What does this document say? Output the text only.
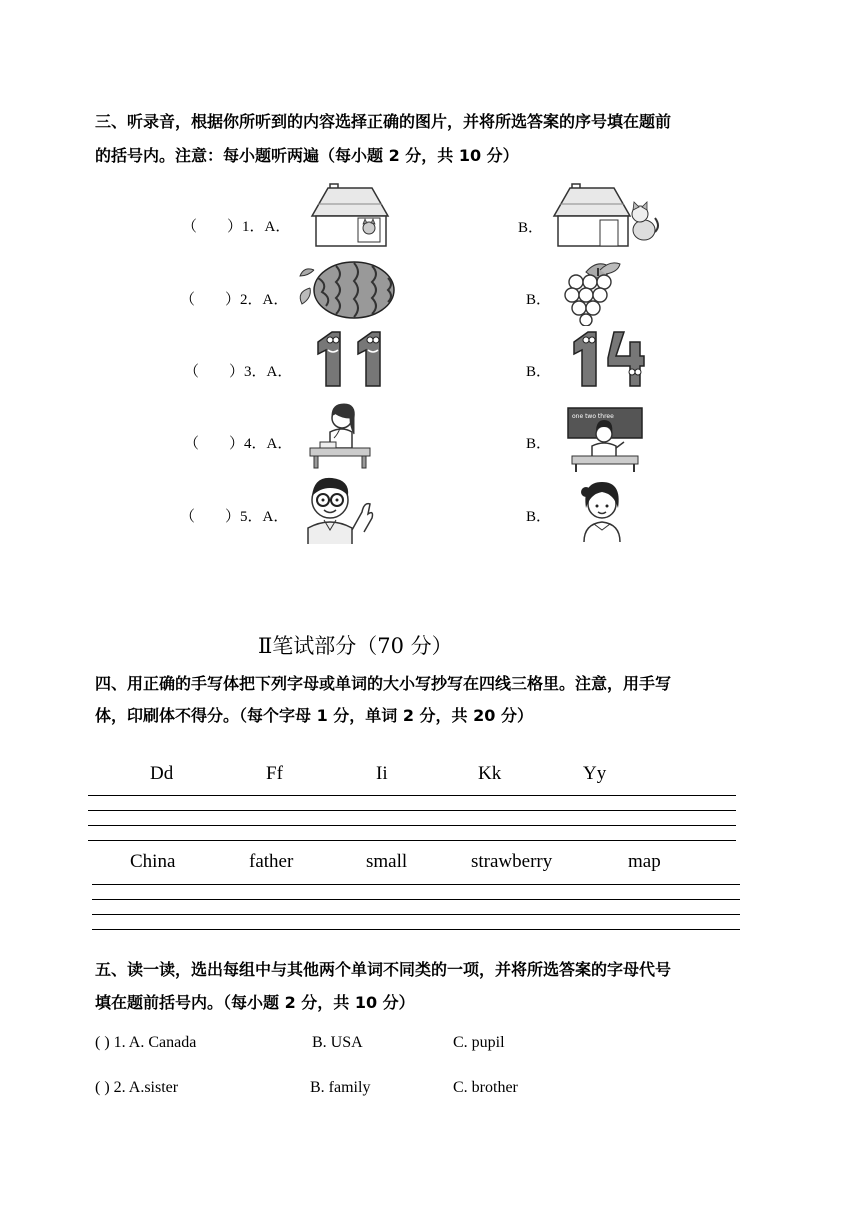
三、听录音，根据你所听到的内容选择正确的图片，并将所选答案的序号填在题前
的括号内。注意：每小题听两遍（每小题 2 分，共 10 分）
（　　）1．A．	B．
（　　）2．A．	B．
（　　）3．A．	B．
（　　）4．A．	B．
one two three
（　　）5．A．	B．
Ⅱ笔试部分（70 分）
四、用正确的手写体把下列字母或单词的大小写抄写在四线三格里。注意，用手写
体，印刷体不得分。（每个字母 1 分，单词 2 分，共 20 分）
Dd	Ff	Ii	Kk	Yy
China	father	small	strawberry	map
五、读一读，选出每组中与其他两个单词不同类的一项，并将所选答案的字母代号
填在题前括号内。（每小题 2 分，共 10 分）
( ) 1. A. Canada	B. USA	C. pupil
( ) 2. A.sister	B. family	C. brother
